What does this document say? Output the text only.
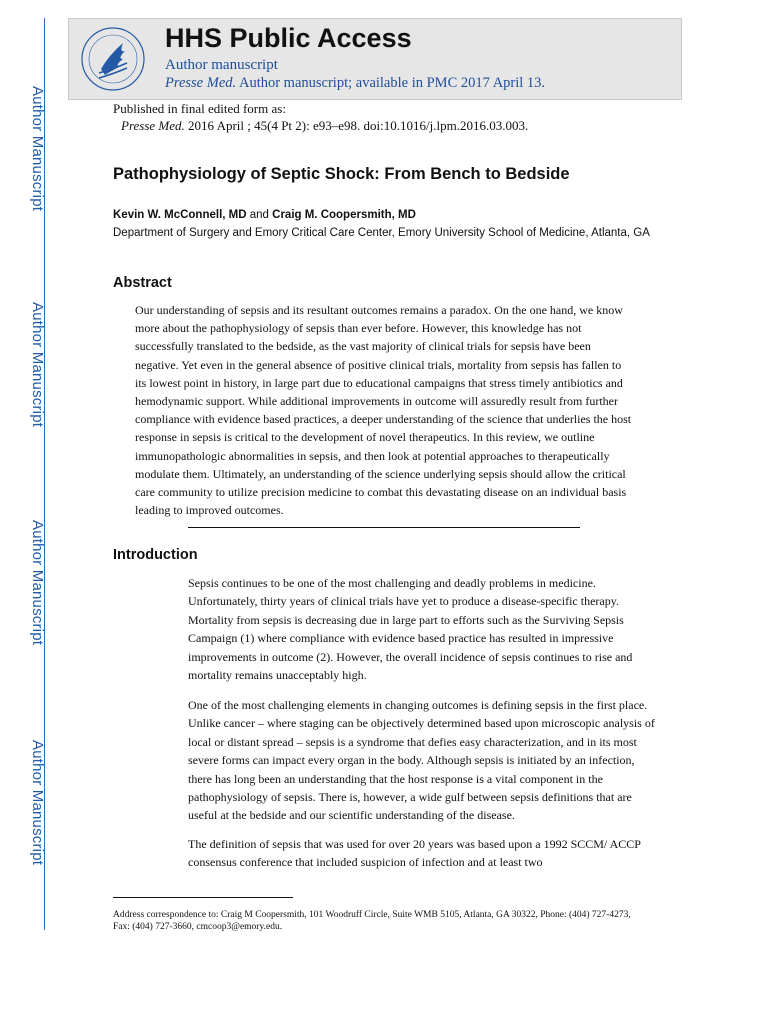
Author Manuscript
Author Manuscript
Author Manuscript
Author Manuscript
HHS Public Access
Author manuscript
Presse Med. Author manuscript; available in PMC 2017 April 13.
Published in final edited form as:
Presse Med. 2016 April ; 45(4 Pt 2): e93–e98. doi:10.1016/j.lpm.2016.03.003.
Pathophysiology of Septic Shock: From Bench to Bedside
Kevin W. McConnell, MD and Craig M. Coopersmith, MD
Department of Surgery and Emory Critical Care Center, Emory University School of Medicine, Atlanta, GA
Abstract

Our understanding of sepsis and its resultant outcomes remains a paradox. On the one hand, we know more about the pathophysiology of sepsis than ever before. However, this knowledge has not successfully translated to the bedside, as the vast majority of clinical trials for sepsis have been negative. Yet even in the general absence of positive clinical trials, mortality from sepsis has fallen to its lowest point in history, in large part due to educational campaigns that stress timely antibiotics and hemodynamic support. While additional improvements in outcome will assuredly result from further compliance with evidence based practices, a deeper understanding of the science that underlies the host response in sepsis is critical to the development of novel therapeutics. In this review, we outline immunopathologic abnormalities in sepsis, and then look at potential approaches to therapeutically modulate them. Ultimately, an understanding of the science underlying sepsis should allow the critical care community to utilize precision medicine to combat this devastating disease on an individual basis leading to improved outcomes.

Introduction

Sepsis continues to be one of the most challenging and deadly problems in medicine. Unfortunately, thirty years of clinical trials have yet to produce a disease-specific therapy. Mortality from sepsis is decreasing due in large part to efforts such as the Surviving Sepsis Campaign (1) where compliance with evidence based practice has resulted in impressive improvements in outcome (2). However, the overall incidence of sepsis continues to rise and mortality remains unacceptably high.

One of the most challenging elements in changing outcomes is defining sepsis in the first place. Unlike cancer – where staging can be objectively determined based upon microscopic analysis of local or distant spread – sepsis is a syndrome that defies easy characterization, and in its most severe forms can impact every organ in the body. Although sepsis is initiated by an infection, there has long been an understanding that the host response is a vital component in the pathophysiology of sepsis. There is, however, a wide gulf between sepsis definitions that are useful at the bedside and our scientific understanding of the disease.

The definition of sepsis that was used for over 20 years was based upon a 1992 SCCM/ ACCP consensus conference that included suspicion of infection and at least two

Address correspondence to: Craig M Coopersmith, 101 Woodruff Circle, Suite WMB 5105, Atlanta, GA 30322, Phone: (404) 727-4273, Fax: (404) 727-3660, cmcoop3@emory.edu.
